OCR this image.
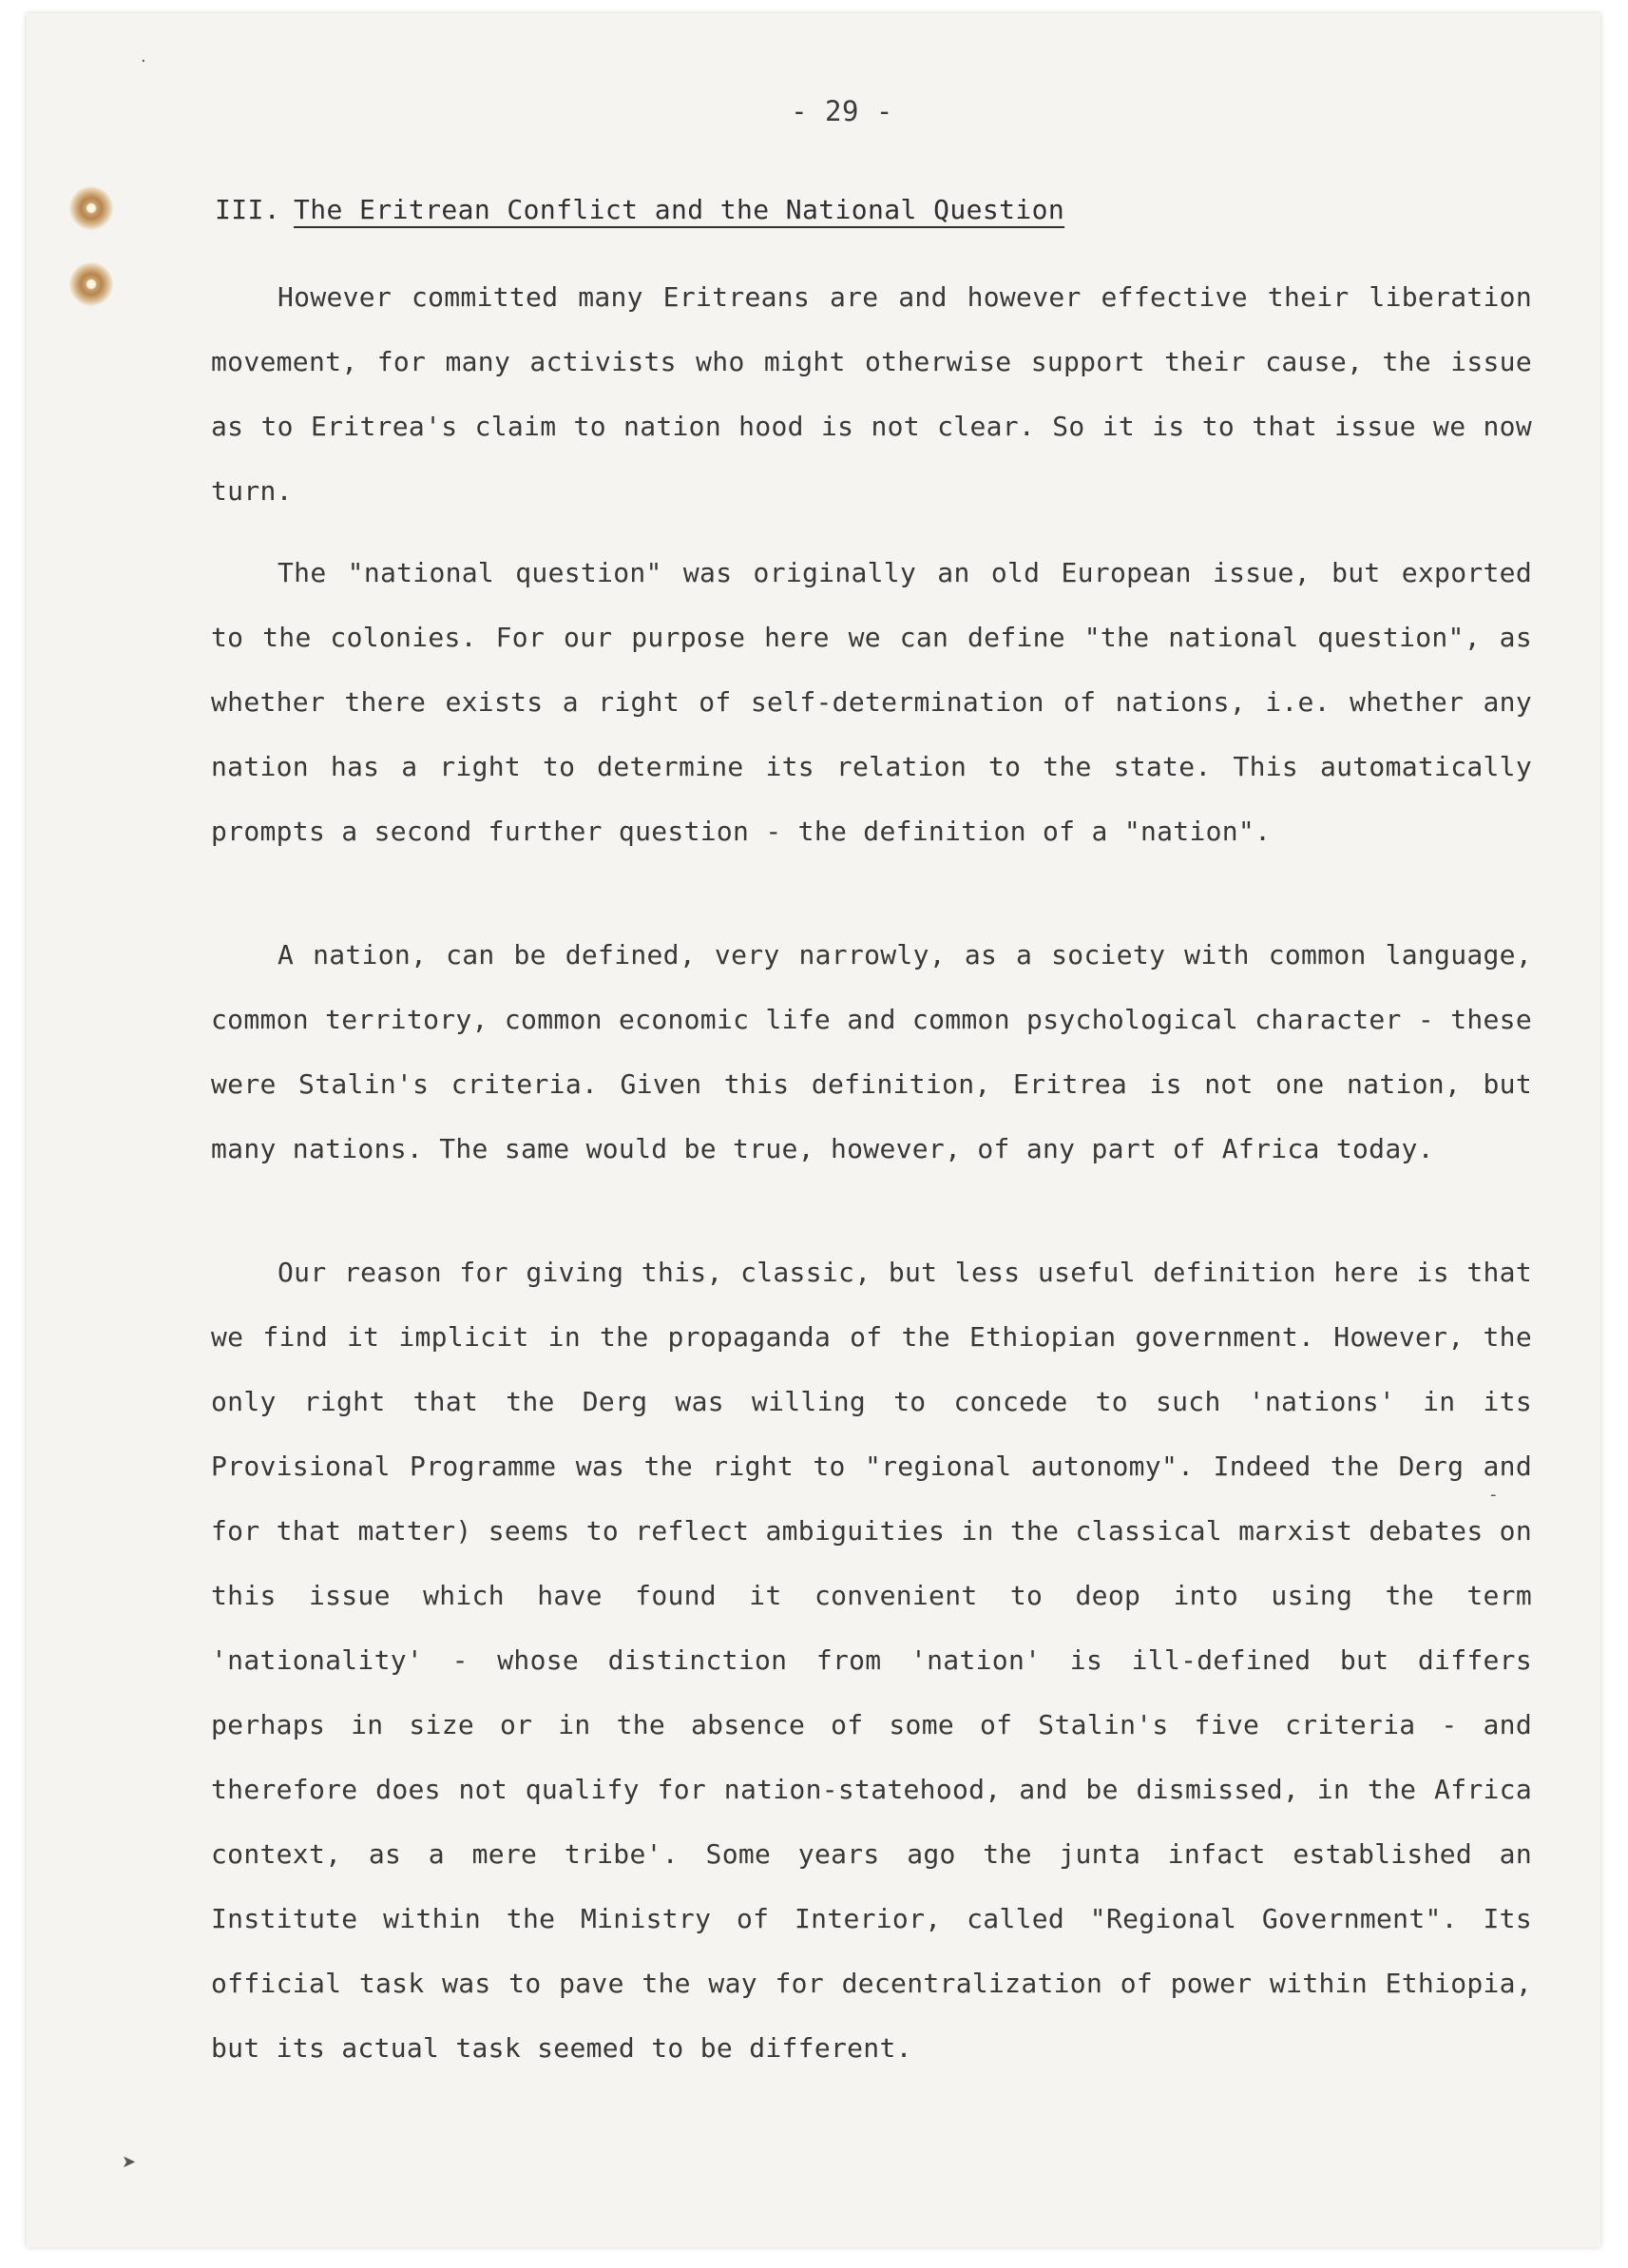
·
-
➤
- 29 -
III. The Eritrean Conflict and the National Question

However committed many Eritreans are and however effective their liberation movement, for many activists who might otherwise support their cause, the issue as to Eritrea's claim to nation hood is not clear. So it is to that issue we now turn.

The "national question" was originally an old European issue, but exported to the colonies. For our purpose here we can define "the national question", as whether there exists a right of self-determination of nations, i.e. whether any nation has a right to determine its relation to the state. This automatically prompts a second further question - the definition of a "nation".

A nation, can be defined, very narrowly, as a society with common language, common territory, common economic life and common psychological character - these were Stalin's criteria. Given this definition, Eritrea is not one nation, but many nations. The same would be true, however, of any part of Africa today.

Our reason for giving this, classic, but less useful definition here is that we find it implicit in the propaganda of the Ethiopian government. However, the only right that the Derg was willing to concede to such 'nations' in its Provisional Programme was the right to "regional autonomy". Indeed the Derg and for that matter) seems to reflect ambiguities in the classical marxist debates on this issue which have found it convenient to deop into using the term 'nationality' - whose distinction from 'nation' is ill-defined but differs perhaps in size or in the absence of some of Stalin's five criteria - and therefore does not qualify for nation-statehood, and be dismissed, in the Africa context, as a mere tribe'. Some years ago the junta infact established an Institute within the Ministry of Interior, called "Regional Government". Its official task was to pave the way for decentralization of power within Ethiopia, but its actual task seemed to be different.
